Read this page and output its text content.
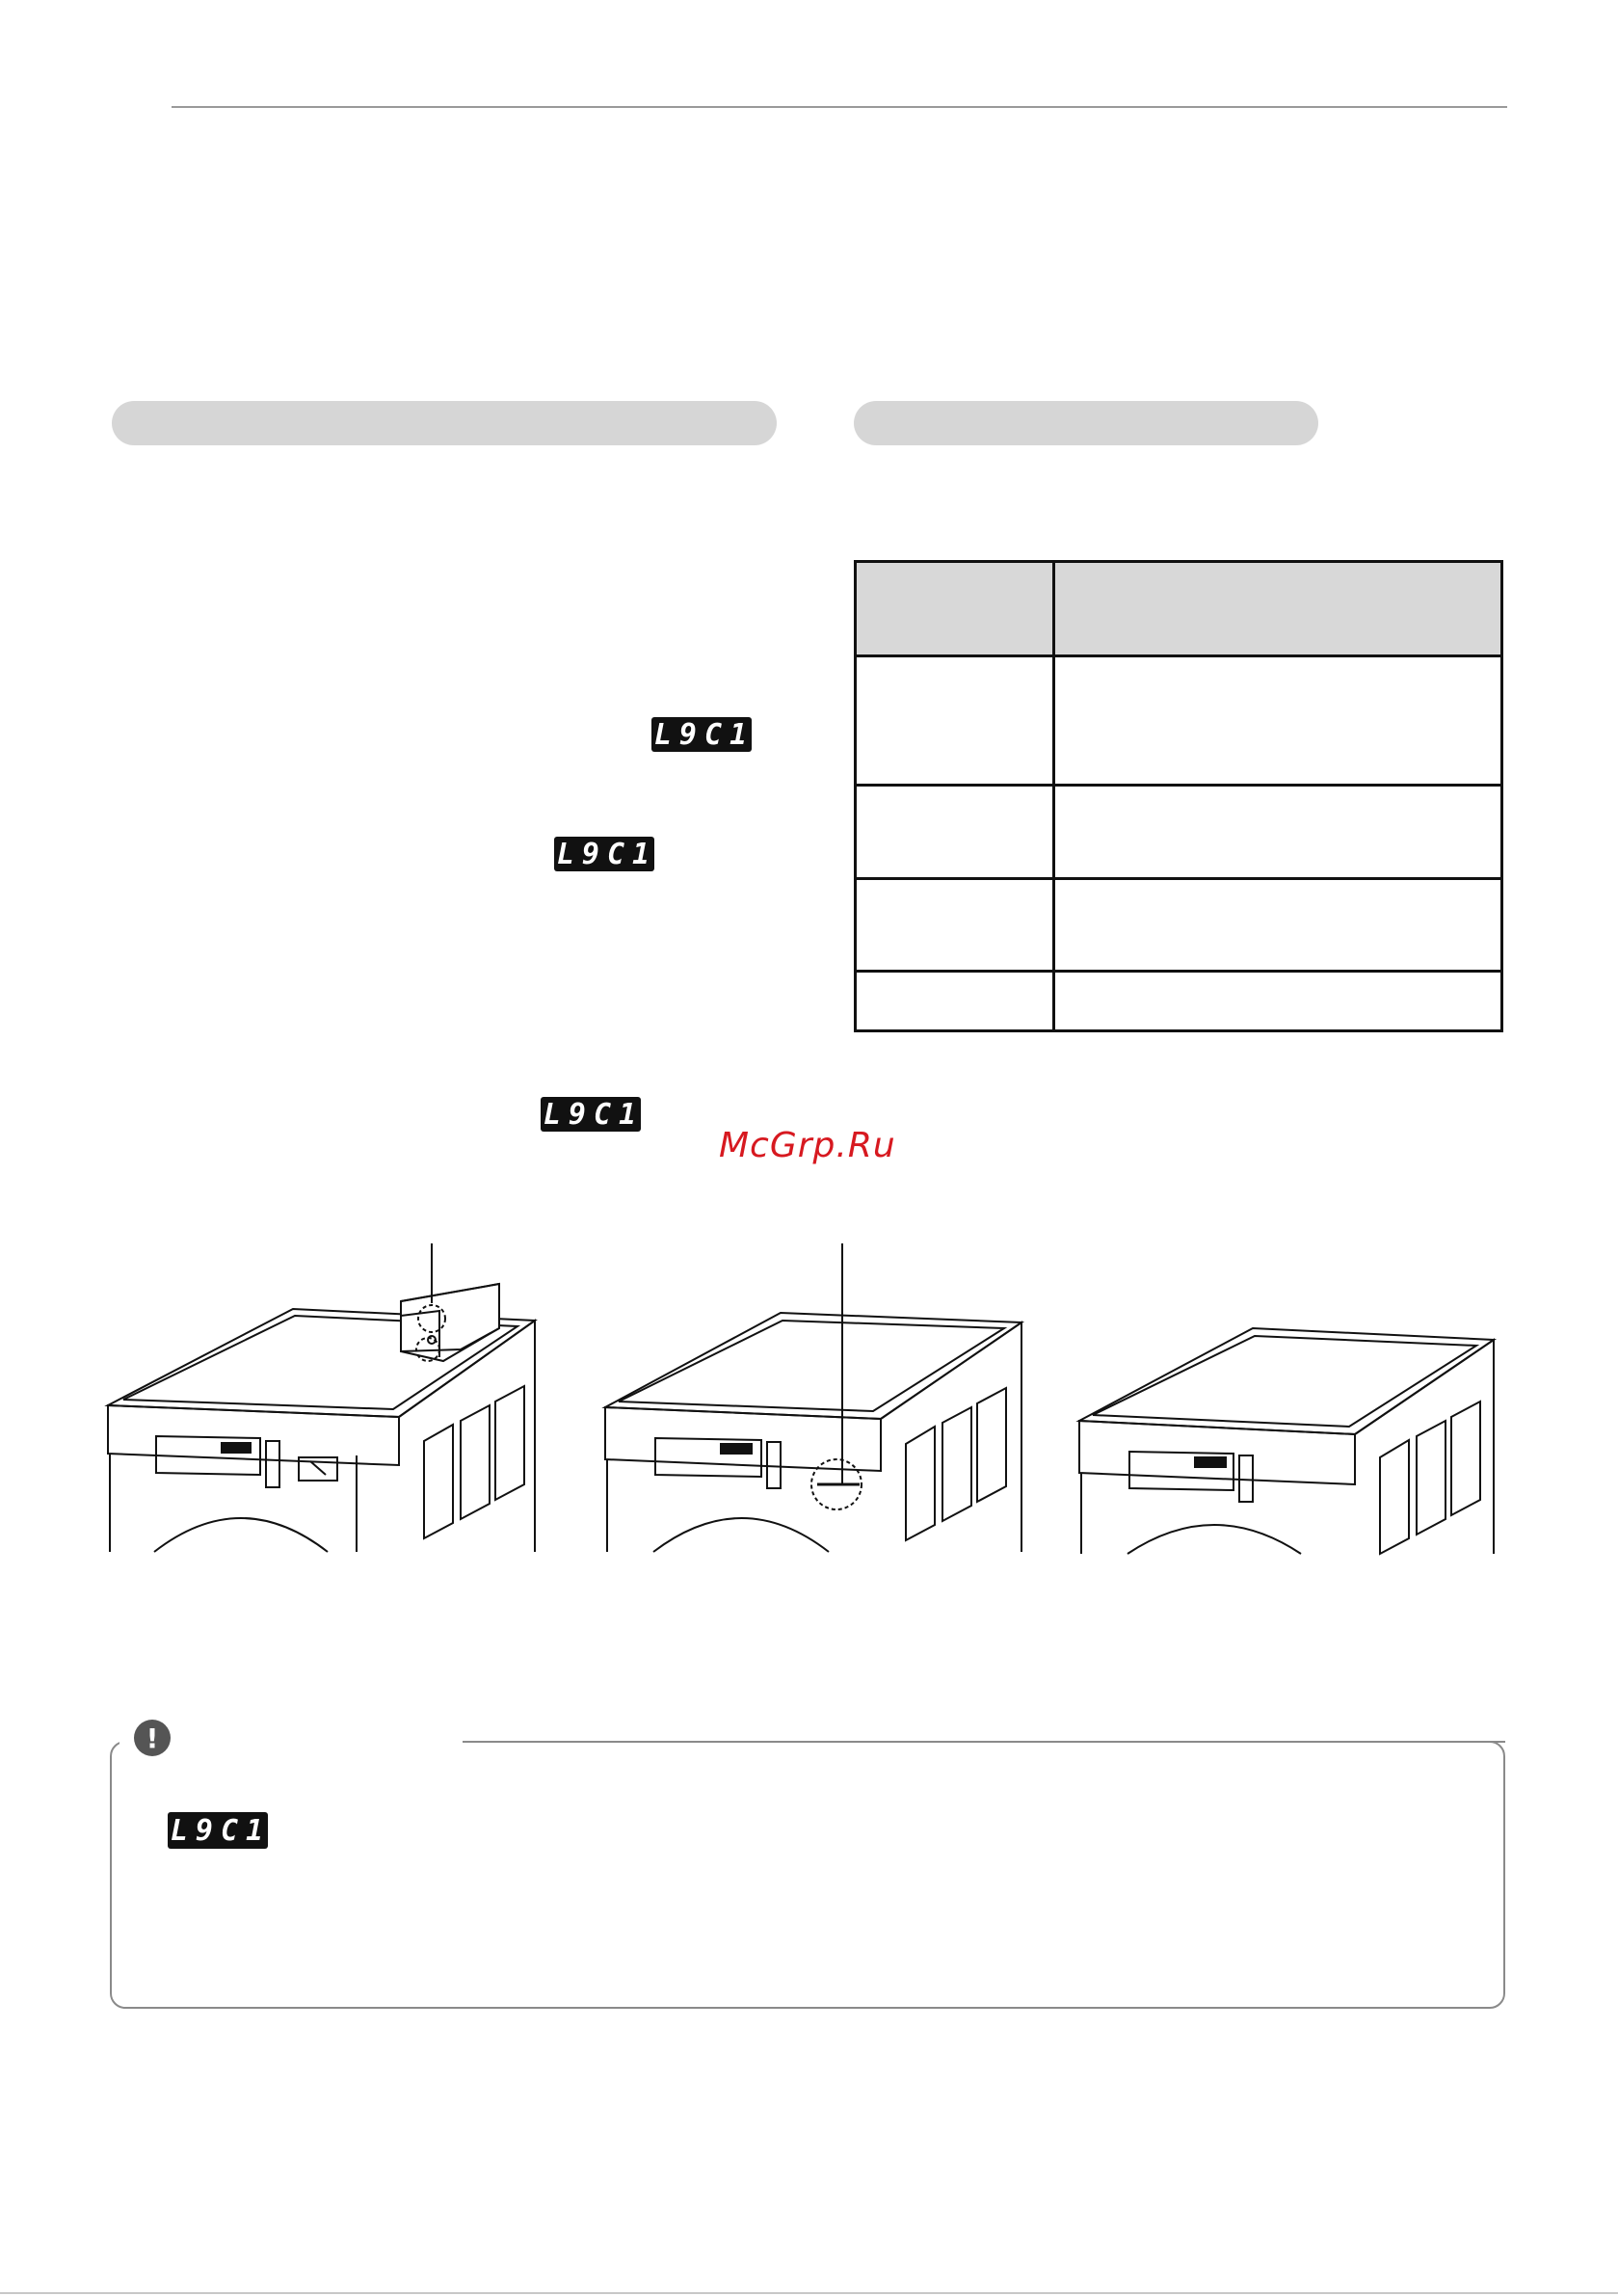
L9C1
L9C1
L9C1

McGrp.Ru
!
L9C1
